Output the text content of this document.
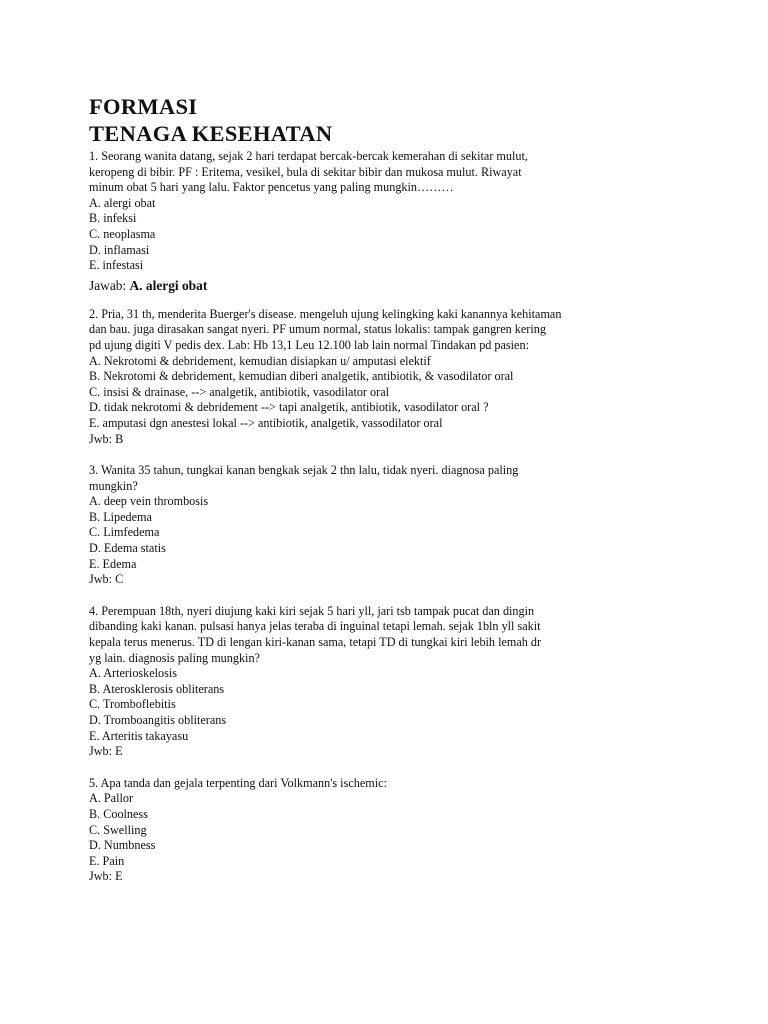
FORMASI
TENAGA KESEHATAN
1. Seorang wanita datang, sejak 2 hari terdapat bercak-bercak kemerahan di sekitar mulut,
keropeng di bibir. PF : Eritema, vesikel, bula di sekitar bibir dan mukosa mulut. Riwayat
minum obat 5 hari yang lalu. Faktor pencetus yang paling mungkin………
A. alergi obat
B. infeksi
C. neoplasma
D. inflamasi
E. infestasi
Jawab: A. alergi obat
2. Pria, 31 th, menderita Buerger's disease. mengeluh ujung kelingking kaki kanannya kehitaman
dan bau. juga dirasakan sangat nyeri. PF umum normal, status lokalis: tampak gangren kering
pd ujung digiti V pedis dex. Lab: Hb 13,1 Leu 12.100 lab lain normal Tindakan pd pasien:
A. Nekrotomi & debridement, kemudian disiapkan u/ amputasi elektif
B. Nekrotomi & debridement, kemudian diberi analgetik, antibiotik, & vasodilator oral
C. insisi & drainase, --> analgetik, antibiotik, vasodilator oral
D. tidak nekrotomi & debridement --> tapi analgetik, antibiotik, vasodilator oral ?
E. amputasi dgn anestesi lokal --> antibiotik, analgetik, vassodilator oral
Jwb: B
3. Wanita 35 tahun, tungkai kanan bengkak sejak 2 thn lalu, tidak nyeri. diagnosa paling
mungkin?
A. deep vein thrombosis
B. Lipedema
C. Limfedema
D. Edema statis
E. Edema
Jwb: C
4. Perempuan 18th, nyeri diujung kaki kiri sejak 5 hari yll, jari tsb tampak pucat dan dingin
dibanding kaki kanan. pulsasi hanya jelas teraba di inguinal tetapi lemah. sejak 1bln yll sakit
kepala terus menerus. TD di lengan kiri-kanan sama, tetapi TD di tungkai kiri lebih lemah dr
yg lain. diagnosis paling mungkin?
A. Arterioskelosis
B. Aterosklerosis obliterans
C. Tromboflebitis
D. Tromboangitis obliterans
E. Arteritis takayasu
Jwb: E
5. Apa tanda dan gejala terpenting dari Volkmann's ischemic:
A. Pallor
B. Coolness
C. Swelling
D. Numbness
E. Pain
Jwb: E
